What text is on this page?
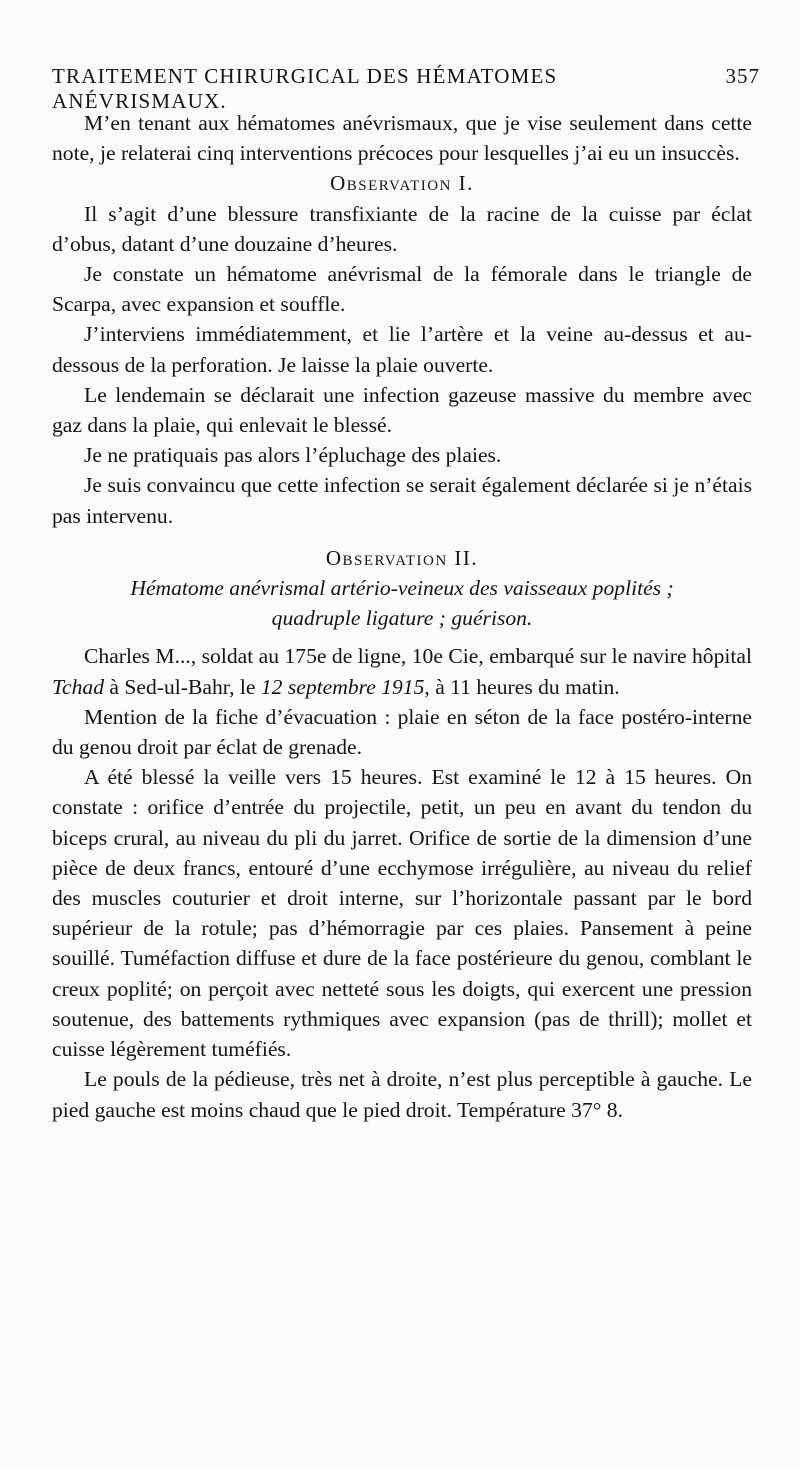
TRAITEMENT CHIRURGICAL DES HÉMATOMES ANÉVRISMAUX.
357

M’en tenant aux hématomes anévrismaux, que je vise seulement dans cette note, je relaterai cinq interventions précoces pour lesquelles j’ai eu un insuccès.

Observation I.

Il s’agit d’une blessure transfixiante de la racine de la cuisse par éclat d’obus, datant d’une douzaine d’heures.

Je constate un hématome anévrismal de la fémorale dans le triangle de Scarpa, avec expansion et souffle.

J’interviens immédiatemment, et lie l’artère et la veine au-dessus et au-dessous de la perforation. Je laisse la plaie ouverte.

Le lendemain se déclarait une infection gazeuse massive du membre avec gaz dans la plaie, qui enlevait le blessé.

Je ne pratiquais pas alors l’épluchage des plaies.

Je suis convaincu que cette infection se serait également déclarée si je n’étais pas intervenu.

Observation II.

Hématome anévrismal artério-veineux des vaisseaux poplités ;

quadruple ligature ; guérison.

Charles M..., soldat au 175e de ligne, 10e Cie, embarqué sur le navire hôpital Tchad à Sed-ul-Bahr, le 12 septembre 1915, à 11 heures du matin.

Mention de la fiche d’évacuation : plaie en séton de la face postéro-interne du genou droit par éclat de grenade.

A été blessé la veille vers 15 heures. Est examiné le 12 à 15 heures. On constate : orifice d’entrée du projectile, petit, un peu en avant du tendon du biceps crural, au niveau du pli du jarret. Orifice de sortie de la dimension d’une pièce de deux francs, entouré d’une ecchymose irrégulière, au niveau du relief des muscles couturier et droit interne, sur l’horizontale passant par le bord supérieur de la rotule; pas d’hémorragie par ces plaies. Pansement à peine souillé. Tuméfaction diffuse et dure de la face postérieure du genou, comblant le creux poplité; on perçoit avec netteté sous les doigts, qui exercent une pression soutenue, des battements rythmiques avec expansion (pas de thrill); mollet et cuisse légèrement tuméfiés.

Le pouls de la pédieuse, très net à droite, n’est plus perceptible à gauche. Le pied gauche est moins chaud que le pied droit. Température 37° 8.
